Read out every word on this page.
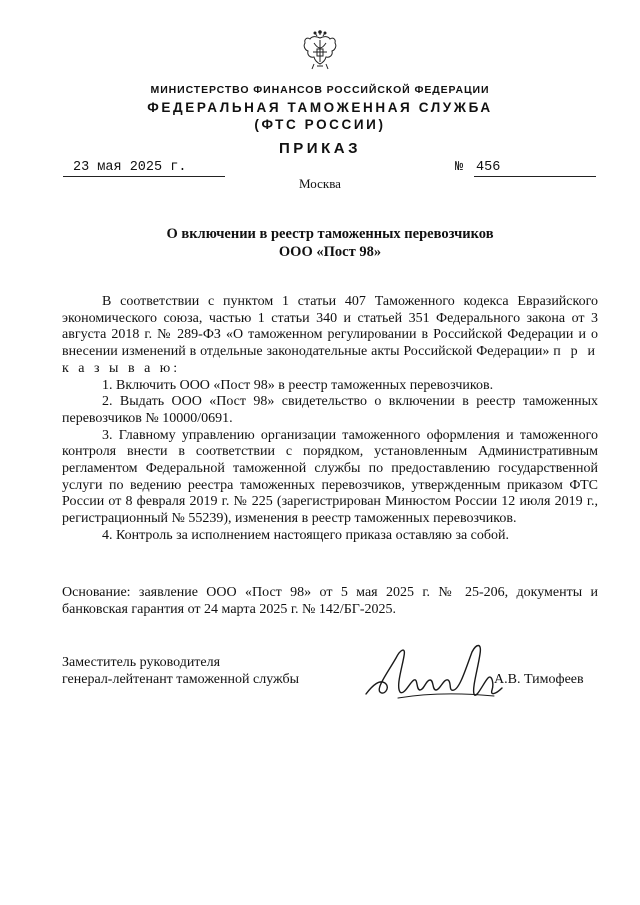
МИНИСТЕРСТВО ФИНАНСОВ РОССИЙСКОЙ ФЕДЕРАЦИИ
ФЕДЕРАЛЬНАЯ ТАМОЖЕННАЯ СЛУЖБА
(ФТС РОССИИ)
ПРИКАЗ
23 мая 2025 г.	№ 456
Москва
О включении в реестр таможенных перевозчиков
ООО «Пост 98»

В соответствии с пунктом 1 статьи 407 Таможенного кодекса Евразийского экономического союза, частью 1 статьи 340 и статьей 351 Федерального закона от 3 августа 2018 г. № 289-ФЗ «О таможенном регулировании в Российской Федерации и о внесении изменений в отдельные законодательные акты Российской Федерации» п р и к а з ы в а ю:

1. Включить ООО «Пост 98» в реестр таможенных перевозчиков.

2. Выдать ООО «Пост 98» свидетельство о включении в реестр таможенных перевозчиков № 10000/0691.

3. Главному управлению организации таможенного оформления и таможенного контроля внести в соответствии с порядком, установленным Административным регламентом Федеральной таможенной службы по предоставлению государственной услуги по ведению реестра таможенных перевозчиков, утвержденным приказом ФТС России от 8 февраля 2019 г. № 225 (зарегистрирован Минюстом России 12 июля 2019 г., регистрационный № 55239), изменения в реестр таможенных перевозчиков.

4. Контроль за исполнением настоящего приказа оставляю за собой.

Основание: заявление ООО «Пост 98» от 5 мая 2025 г. № 25-206, документы и банковская гарантия от 24 марта 2025 г. № 142/БГ-2025.
Заместитель руководителя
генерал-лейтенант таможенной службы	А.В. Тимофеев
